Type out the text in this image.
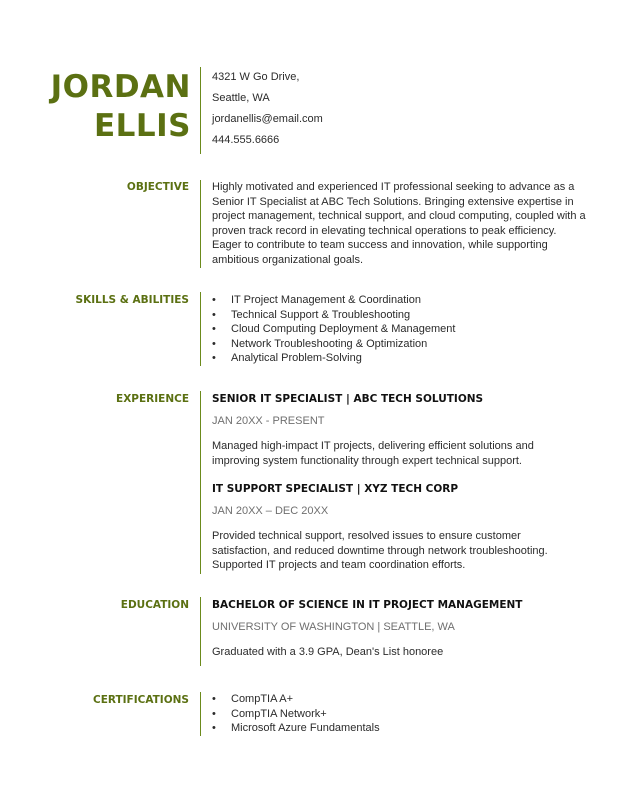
JORDAN
ELLIS
4321 W Go Drive,
Seattle, WA
jordanellis@email.com
444.555.6666
OBJECTIVE Highly motivated and experienced IT professional seeking to advance as a Senior IT Specialist at ABC Tech Solutions. Bringing extensive expertise in project management, technical support, and cloud computing, coupled with a proven track record in elevating technical operations to peak efficiency. Eager to contribute to team success and innovation, while supporting ambitious organizational goals.
SKILLS & ABILITIES • IT Project Management & Coordination
• Technical Support & Troubleshooting
• Cloud Computing Deployment & Management
• Network Troubleshooting & Optimization
• Analytical Problem-Solving
EXPERIENCE SENIOR IT SPECIALIST | ABC TECH SOLUTIONS
JAN 20XX - PRESENT
Managed high-impact IT projects, delivering efficient solutions and improving system functionality through expert technical support.
IT SUPPORT SPECIALIST | XYZ TECH CORP
JAN 20XX – DEC 20XX
Provided technical support, resolved issues to ensure customer satisfaction, and reduced downtime through network troubleshooting. Supported IT projects and team coordination efforts.
EDUCATION BACHELOR OF SCIENCE IN IT PROJECT MANAGEMENT
UNIVERSITY OF WASHINGTON | SEATTLE, WA
Graduated with a 3.9 GPA, Dean's List honoree
CERTIFICATIONS • CompTIA A+
• CompTIA Network+
• Microsoft Azure Fundamentals
